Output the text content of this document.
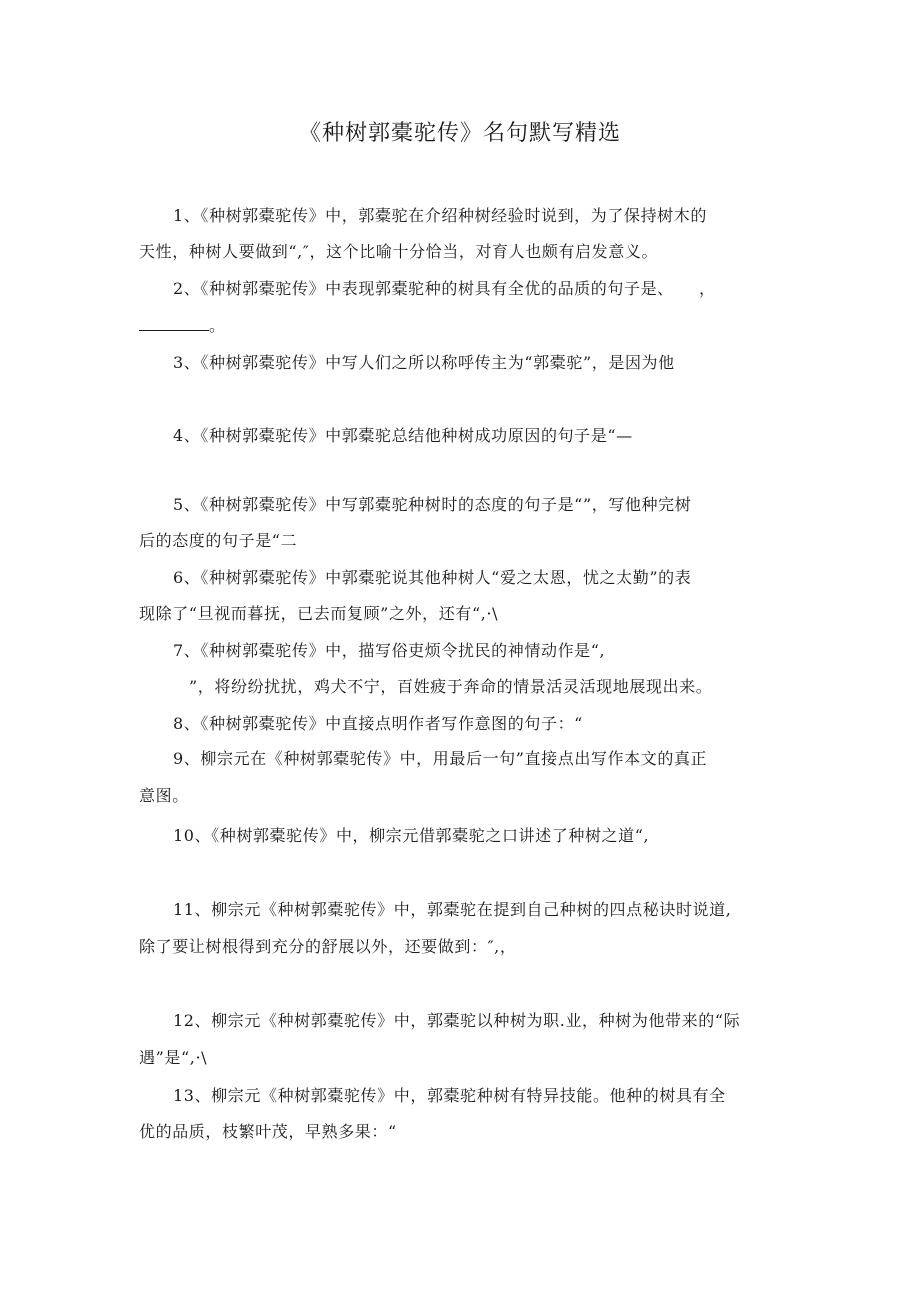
《种树郭橐驼传》名句默写精选
1、《种树郭橐驼传》中，郭橐驼在介绍种树经验时说到，为了保持树木的
天性，种树人要做到“,″，这个比喻十分恰当，对育人也颇有启发意义。
2、《种树郭橐驼传》中表现郭橐驼种的树具有全优的品质的句子是、　　，
。
3、《种树郭橐驼传》中写人们之所以称呼传主为“郭橐驼”，是因为他
4、《种树郭橐驼传》中郭橐驼总结他种树成功原因的句子是“—
5、《种树郭橐驼传》中写郭橐驼种树时的态度的句子是“”，写他种完树
后的态度的句子是“二
6、《种树郭橐驼传》中郭橐驼说其他种树人“爱之太恩，忧之太勤”的表
现除了“旦视而暮抚，已去而复顾”之外，还有“,·\
7、《种树郭橐驼传》中，描写俗吏烦令扰民的神情动作是“,
”，将纷纷扰扰，鸡犬不宁，百姓疲于奔命的情景活灵活现地展现出来。
8、《种树郭橐驼传》中直接点明作者写作意图的句子：“
9、柳宗元在《种树郭橐驼传》中，用最后一句”直接点出写作本文的真正
意图。
10、《种树郭橐驼传》中，柳宗元借郭橐驼之口讲述了种树之道“,
11、柳宗元《种树郭橐驼传》中，郭橐驼在提到自己种树的四点秘诀时说道,
除了要让树根得到充分的舒展以外，还要做到：″,，
12、柳宗元《种树郭橐驼传》中，郭橐驼以种树为职.业，种树为他带来的“际
遇”是“,·\
13、柳宗元《种树郭橐驼传》中，郭橐驼种树有特异技能。他种的树具有全
优的品质，枝繁叶茂，早熟多果：“
